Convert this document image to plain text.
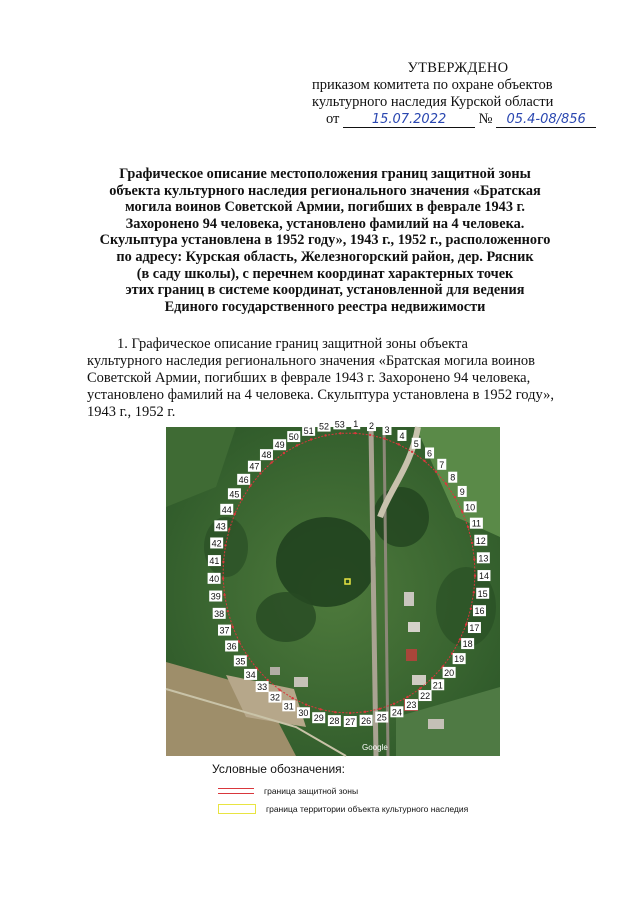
УТВЕРЖДЕНО
приказом комитета по охране объектов
культурного наследия Курской области
от 15.07.2022 № 05.4-08/856
Графическое описание местоположения границ защитной зоны
объекта культурного наследия регионального значения «Братская
могила воинов Советской Армии, погибших в феврале 1943 г.
Захоронено 94 человека, установлено фамилий на 4 человека.
Скульптура установлена в 1952 году», 1943 г., 1952 г., расположенного
по адресу: Курская область, Железногорский район, дер. Рясник
(в саду школы), с перечнем координат характерных точек
этих границ в системе координат, установленной для ведения
Единого государственного реестра недвижимости
1. Графическое описание границ защитной зоны объекта
культурного наследия регионального значения «Братская могила воинов
Советской Армии, погибших в феврале 1943 г. Захоронено 94 человека,
установлено фамилий на 4 человека. Скульптура установлена в 1952 году»,
1943 г., 1952 г.
1 2 3
4
5
6
7
8
9
10
11
12
13
14
15
16
17
18
19
20
21
22
23
24
25
26
27
28
29
30
31
32
33
34
35
36
37
38
39
40
41
42
43
44
45
46
47
48
49
50
51 52 53
Google
Условные обозначения:
граница защитной зоны
граница территории объекта культурного наследия
